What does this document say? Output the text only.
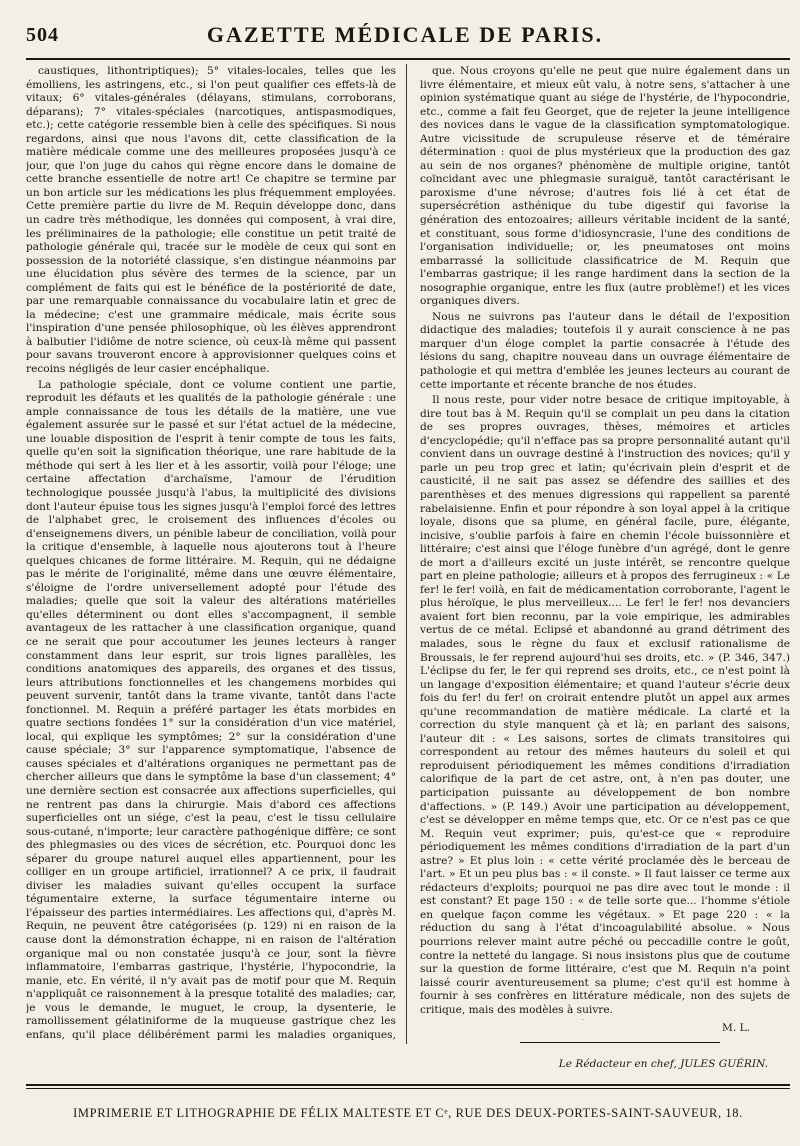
504	GAZETTE MÉDICALE DE PARIS.

caustiques, lithontriptiques); 5° vitales-locales, telles que les émolliens, les astringens, etc., si l'on peut qualifier ces effets-là de vitaux; 6° vitales-générales (délayans, stimulans, corroborans, déparans); 7° vitales-spéciales (narcotiques, antispasmodiques, etc.); cette catégorie ressemble bien à celle des spécifiques. Si nous regardons, ainsi que nous l'avons dit, cette classification de la matière médicale comme une des meilleures proposées jusqu'à ce jour, que l'on juge du cahos qui règne encore dans le domaine de cette branche essentielle de notre art! Ce chapitre se termine par un bon article sur les médications les plus fréquemment employées. Cette première partie du livre de M. Requin développe donc, dans un cadre très méthodique, les données qui composent, à vrai dire, les préliminaires de la pathologie; elle constitue un petit traité de pathologie générale qui, tracée sur le modèle de ceux qui sont en possession de la notoriété classique, s'en distingue néanmoins par une élucidation plus sévère des termes de la science, par un complément de faits qui est le bénéfice de la postériorité de date, par une remarquable connaissance du vocabulaire latin et grec de la médecine; c'est une grammaire médicale, mais écrite sous l'inspiration d'une pensée philosophique, où les élèves apprendront à balbutier l'idiôme de notre science, où ceux-là même qui passent pour savans trouveront encore à approvisionner quelques coins et recoins négligés de leur casier encéphalique.

La pathologie spéciale, dont ce volume contient une partie, reproduit les défauts et les qualités de la pathologie générale : une ample connaissance de tous les détails de la matière, une vue également assurée sur le passé et sur l'état actuel de la médecine, une louable disposition de l'esprit à tenir compte de tous les faits, quelle qu'en soit la signification théorique, une rare habitude de la méthode qui sert à les lier et à les assortir, voilà pour l'éloge; une certaine affectation d'archaïsme, l'amour de l'érudition technologique poussée jusqu'à l'abus, la multiplicité des divisions dont l'auteur épuise tous les signes jusqu'à l'emploi forcé des lettres de l'alphabet grec, le croisement des influences d'écoles ou d'enseignemens divers, un pénible labeur de conciliation, voilà pour la critique d'ensemble, à laquelle nous ajouterons tout à l'heure quelques chicanes de forme littéraire. M. Requin, qui ne dédaigne pas le mérite de l'originalité, même dans une œuvre élémentaire, s'éloigne de l'ordre universellement adopté pour l'étude des maladies; quelle que soit la valeur des altérations matérielles qu'elles déterminent ou dont elles s'accompagnent, il semble avantageux de les rattacher à une classification organique, quand ce ne serait que pour accoutumer les jeunes lecteurs à ranger constamment dans leur esprit, sur trois lignes parallèles, les conditions anatomiques des appareils, des organes et des tissus, leurs attributions fonctionnelles et les changemens morbides qui peuvent survenir, tantôt dans la trame vivante, tantôt dans l'acte fonctionnel. M. Requin a préféré partager les états morbides en quatre sections fondées 1° sur la considération d'un vice matériel, local, qui explique les symptômes; 2° sur la considération d'une cause spéciale; 3° sur l'apparence symptomatique, l'absence de causes spéciales et d'altérations organiques ne permettant pas de chercher ailleurs que dans le symptôme la base d'un classement; 4° une dernière section est consacrée aux affections superficielles, qui ne rentrent pas dans la chirurgie. Mais d'abord ces affections superficielles ont un siége, c'est la peau, c'est le tissu cellulaire sous-cutané, n'importe; leur caractère pathogénique diffère; ce sont des phlegmasies ou des vices de sécrétion, etc. Pourquoi donc les séparer du groupe naturel auquel elles appartiennent, pour les colliger en un groupe artificiel, irrationnel? A ce prix, il faudrait diviser les maladies suivant qu'elles occupent la surface tégumentaire externe, la surface tégumentaire interne ou l'épaisseur des parties intermédiaires. Les affections qui, d'après M. Requin, ne peuvent être catégorisées (p. 129) ni en raison de la cause dont la démonstration échappe, ni en raison de l'altération organique mal ou non constatée jusqu'à ce jour, sont la fièvre inflammatoire, l'embarras gastrique, l'hystérie, l'hypocondrie, la manie, etc. En vérité, il n'y avait pas de motif pour que M. Requin n'appliquât ce raisonnement à la presque totalité des maladies; car, je vous le demande, le muguet, le croup, la dysenterie, le ramollissement gélatiniforme de la muqueuse gastrique chez les enfans, qu'il place délibérément parmi les maladies organiques,

que. Nous croyons qu'elle ne peut que nuire également dans un livre élémentaire, et mieux eût valu, à notre sens, s'attacher à une opinion systématique quant au siége de l'hystérie, de l'hypocondrie, etc., comme a fait feu Georget, que de rejeter la jeune intelligence des novices dans le vague de la classification symptomatologique. Autre vicissitude de scrupuleuse réserve et de téméraire détermination : quoi de plus mystérieux que la production des gaz au sein de nos organes? phénomène de multiple origine, tantôt coïncidant avec une phlegmasie suraiguë, tantôt caractérisant le paroxisme d'une névrose; d'autres fois lié à cet état de supersécrétion asthénique du tube digestif qui favorise la génération des entozoaires; ailleurs véritable incident de la santé, et constituant, sous forme d'idiosyncrasie, l'une des conditions de l'organisation individuelle; or, les pneumatoses ont moins embarrassé la sollicitude classificatrice de M. Requin que l'embarras gastrique; il les range hardiment dans la section de la nosographie organique, entre les flux (autre problème!) et les vices organiques divers.

Nous ne suivrons pas l'auteur dans le détail de l'exposition didactique des maladies; toutefois il y aurait conscience à ne pas marquer d'un éloge complet la partie consacrée à l'étude des lésions du sang, chapitre nouveau dans un ouvrage élémentaire de pathologie et qui mettra d'emblée les jeunes lecteurs au courant de cette importante et récente branche de nos études.

Il nous reste, pour vider notre besace de critique impitoyable, à dire tout bas à M. Requin qu'il se complait un peu dans la citation de ses propres ouvrages, thèses, mémoires et articles d'encyclopédie; qu'il n'efface pas sa propre personnalité autant qu'il convient dans un ouvrage destiné à l'instruction des novices; qu'il y parle un peu trop grec et latin; qu'écrivain plein d'esprit et de causticité, il ne sait pas assez se défendre des saillies et des parenthèses et des menues digressions qui rappellent sa parenté rabelaisienne. Enfin et pour répondre à son loyal appel à la critique loyale, disons que sa plume, en général facile, pure, élégante, incisive, s'oublie parfois à faire en chemin l'école buissonnière et littéraire; c'est ainsi que l'éloge funèbre d'un agrégé, dont le genre de mort a d'ailleurs excité un juste intérêt, se rencontre quelque part en pleine pathologie; ailleurs et à propos des ferrugineux : « Le fer! le fer! voilà, en fait de médicamentation corroborante, l'agent le plus héroïque, le plus merveilleux.... Le fer! le fer! nos devanciers avaient fort bien reconnu, par la voie empirique, les admirables vertus de ce métal. Eclipsé et abandonné au grand détriment des malades, sous le règne du faux et exclusif rationalisme de Broussais, le fer reprend aujourd'hui ses droits, etc. » (P. 346, 347.) L'éclipse du fer, le fer qui reprend ses droits, etc., ce n'est point là un langage d'exposition élémentaire; et quand l'auteur s'écrie deux fois du fer! du fer! on croirait entendre plutôt un appel aux armes qu'une recommandation de matière médicale. La clarté et la correction du style manquent çà et là; en parlant des saisons, l'auteur dit : « Les saisons, sortes de climats transitoires qui correspondent au retour des mêmes hauteurs du soleil et qui reproduisent périodiquement les mêmes conditions d'irradiation calorifique de la part de cet astre, ont, à n'en pas douter, une participation puissante au développement de bon nombre d'affections. » (P. 149.) Avoir une participation au développement, c'est se développer en même temps que, etc. Or ce n'est pas ce que M. Requin veut exprimer; puis, qu'est-ce que « reproduire périodiquement les mêmes conditions d'irradiation de la part d'un astre? » Et plus loin : « cette vérité proclamée dès le berceau de l'art. » Et un peu plus bas : « il conste. » Il faut laisser ce terme aux rédacteurs d'exploits; pourquoi ne pas dire avec tout le monde : il est constant? Et page 150 : « de telle sorte que... l'homme s'étiole en quelque façon comme les végétaux. » Et page 220 : « la réduction du sang à l'état d'incoagulabilité absolue. » Nous pourrions relever maint autre péché ou peccadille contre le goût, contre la netteté du langage. Si nous insistons plus que de coutume sur la question de forme littéraire, c'est que M. Requin n'a point laissé courir aventureusement sa plume; c'est qu'il est homme à fournir à ses confrères en littérature médicale, non des sujets de critique, mais des modèles à suivre.

M. L.
Le Rédacteur en chef, JULES GUÉRIN.
IMPRIMERIE ET LITHOGRAPHIE DE FÉLIX MALTESTE ET Cᵉ, RUE DES DEUX-PORTES-SAINT-SAUVEUR, 18.
